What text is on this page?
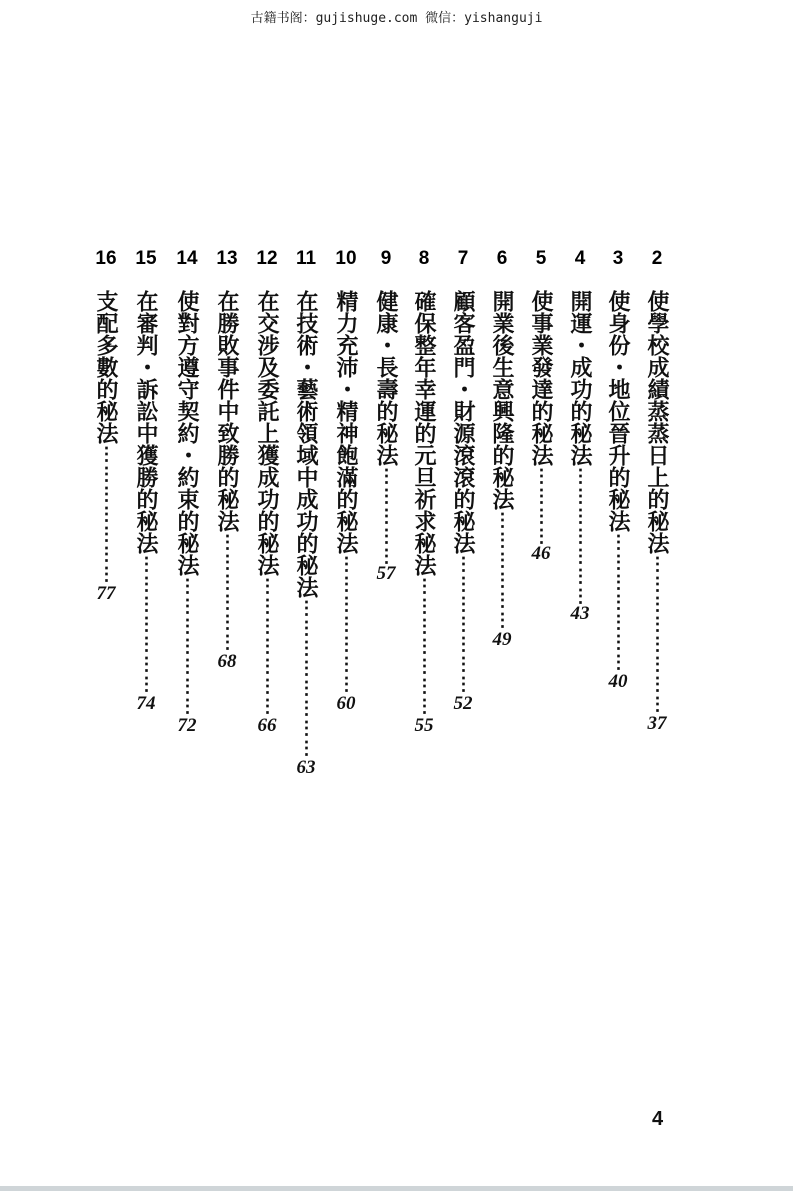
古籍书阁：gujishuge.com 微信：yishanguji
2
使學校成績蒸蒸日上的秘法
⋮⋮⋮⋮⋮⋮⋮⋮
37
3
使身份・地位晉升的秘法
⋮⋮⋮⋮⋮⋮⋮
40
4
開運・成功的秘法
⋮⋮⋮⋮⋮⋮⋮
43
5
使事業發達的秘法
⋮⋮⋮⋮
46
6
開業後生意興隆的秘法
⋮⋮⋮⋮⋮⋮
49
7
顧客盈門・財源滾滾的秘法
⋮⋮⋮⋮⋮⋮⋮
52
8
確保整年幸運的元旦祈求秘法
⋮⋮⋮⋮⋮⋮⋮
55
9
健康・長壽的秘法
⋮⋮⋮⋮⋮
57
10
精力充沛・精神飽滿的秘法
⋮⋮⋮⋮⋮⋮⋮
60
11
在技術・藝術領域中成功的秘法
⋮⋮⋮⋮⋮⋮⋮⋮
63
12
在交涉及委託上獲成功的秘法
⋮⋮⋮⋮⋮⋮⋮
66
13
在勝敗事件中致勝的秘法
⋮⋮⋮⋮⋮⋮
68
14
使對方遵守契約・約束的秘法
⋮⋮⋮⋮⋮⋮⋮
72
15
在審判・訴訟中獲勝的秘法
⋮⋮⋮⋮⋮⋮⋮
74
16
支配多數的秘法
⋮⋮⋮⋮⋮⋮⋮
77
4
